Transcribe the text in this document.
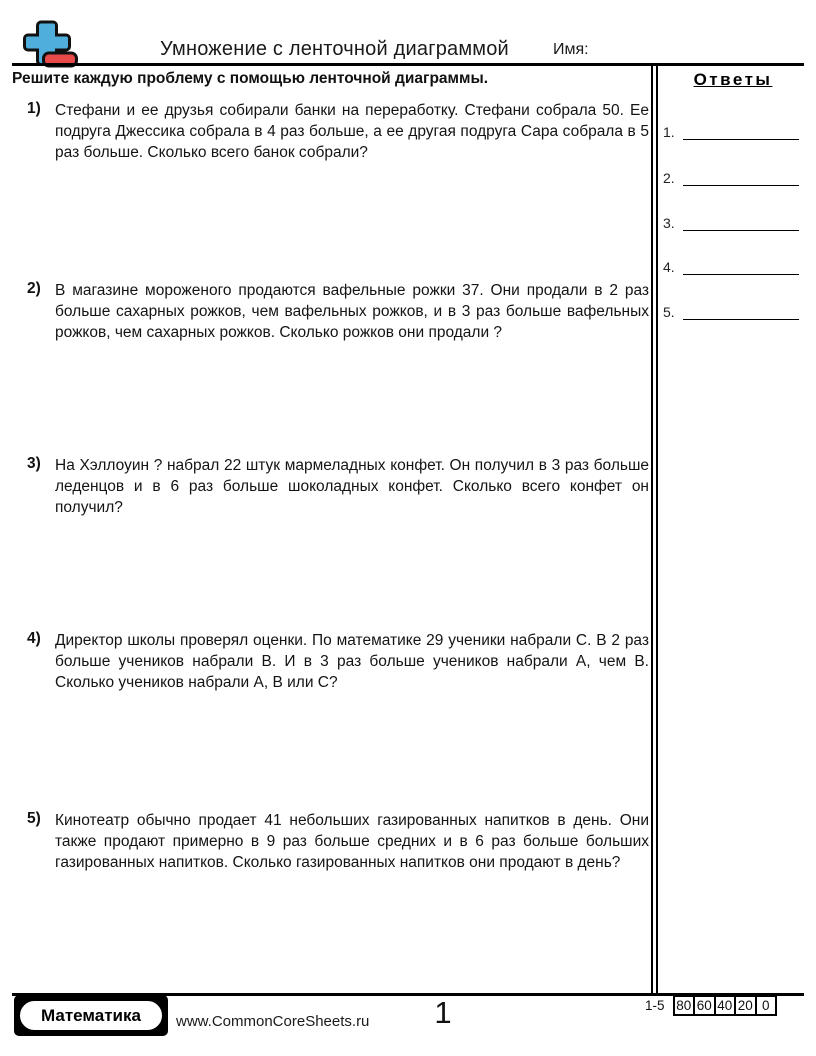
Умножение с ленточной диаграммой	Имя:
Решите каждую проблему с помощью ленточной диаграммы.	Ответы
1.
2.
3.
4.
5.
1) Стефани и ее друзья собирали банки на переработку. Стефани собрала 50. Ее подруга Джессика собрала в 4 раз больше, а ее другая подруга Сара собрала в 5 раз больше. Сколько всего банок собрали?
2) В магазине мороженого продаются вафельные рожки 37. Они продали в 2 раз больше сахарных рожков, чем вафельных рожков, и в 3 раз больше вафельных рожков, чем сахарных рожков. Сколько рожков они продали ?
3) На Хэллоуин ? набрал 22 штук мармеладных конфет. Он получил в 3 раз больше леденцов и в 6 раз больше шоколадных конфет. Сколько всего конфет он получил?
4) Директор школы проверял оценки. По математике 29 ученики набрали C. В 2 раз больше учеников набрали B. И в 3 раз больше учеников набрали A, чем B. Сколько учеников набрали A, B или C?
5) Кинотеатр обычно продает 41 небольших газированных напитков в день. Они также продают примерно в 9 раз больше средних и в 6 раз больше больших газированных напитков. Сколько газированных напитков они продают в день?
Математика	www.CommonCoreSheets.ru	1	1-5 80 60 40 20 0
